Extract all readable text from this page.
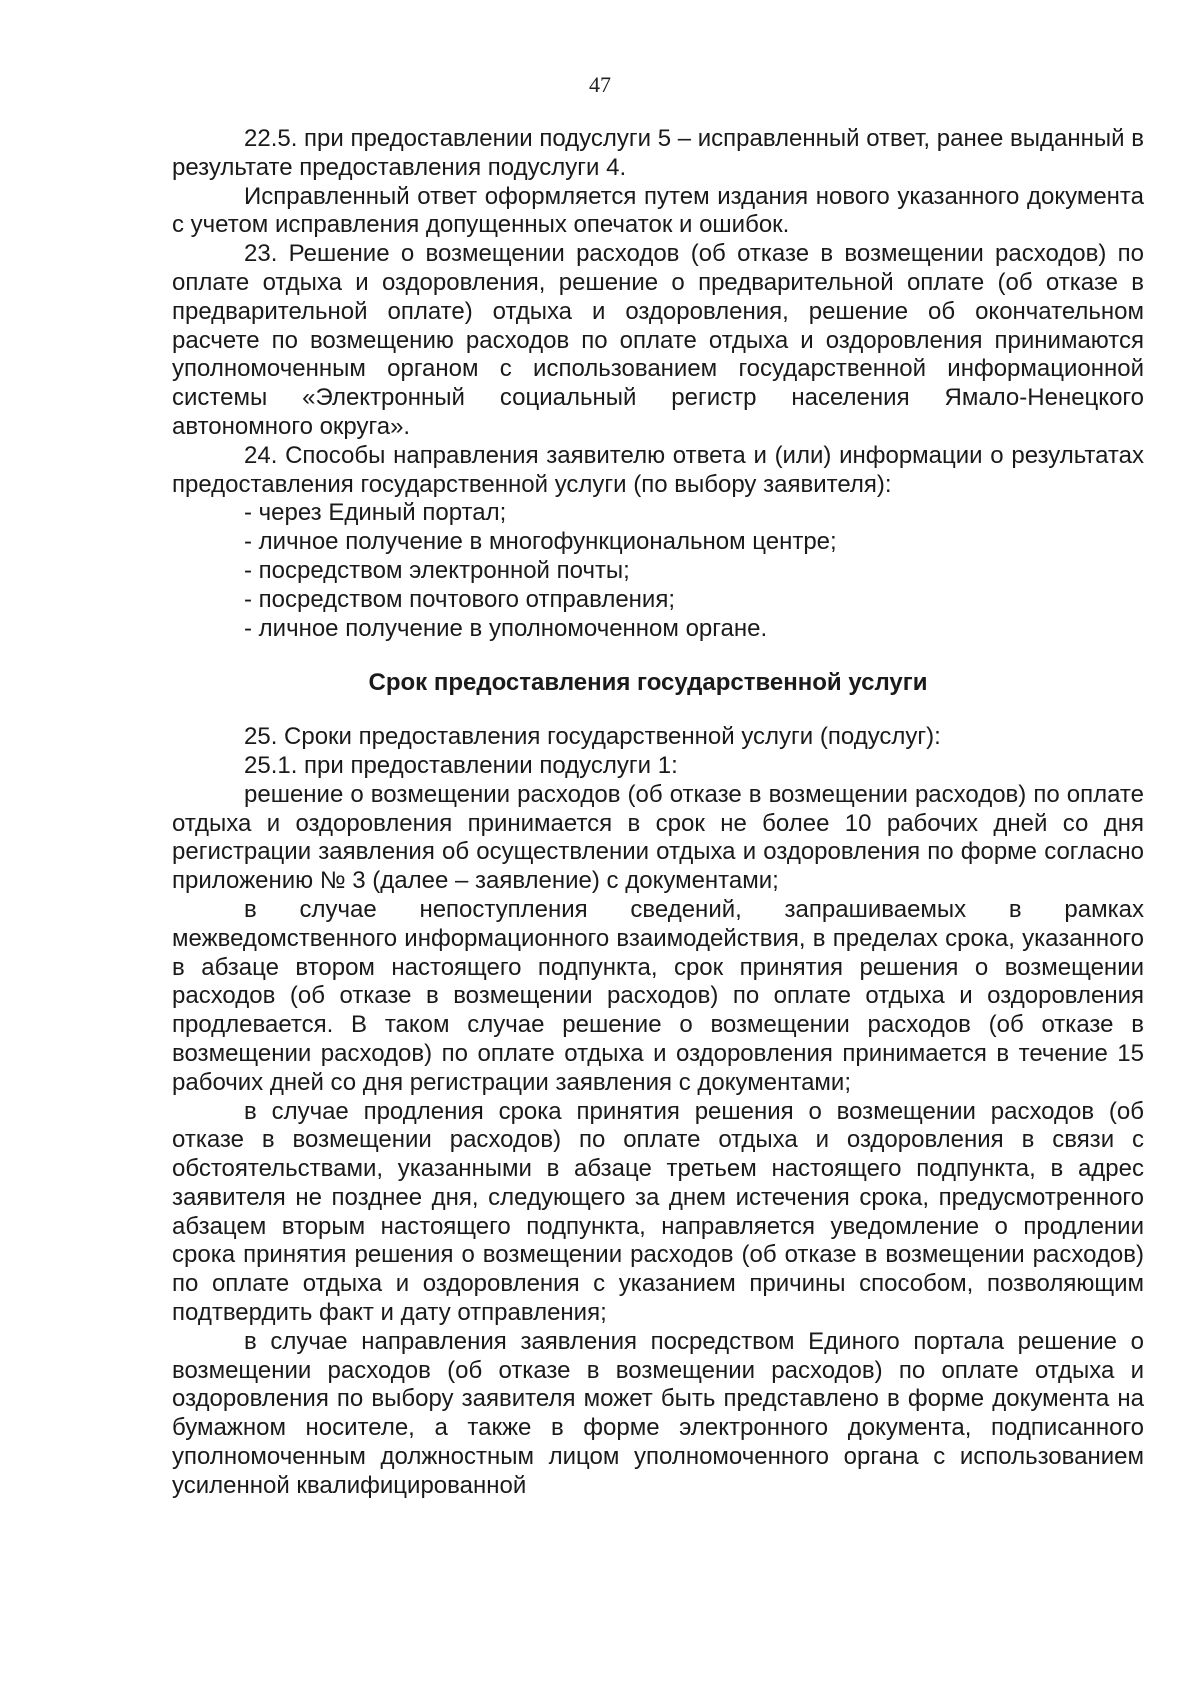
47

22.5. при предоставлении подуслуги 5 – исправленный ответ, ранее выданный в результате предоставления подуслуги 4.

Исправленный ответ оформляется путем издания нового указанного документа с учетом исправления допущенных опечаток и ошибок.

23. Решение о возмещении расходов (об отказе в возмещении расходов) по оплате отдыха и оздоровления, решение о предварительной оплате (об отказе в предварительной оплате) отдыха и оздоровления, решение об окончательном расчете по возмещению расходов по оплате отдыха и оздоровления принимаются уполномоченным органом с использованием государственной информационной системы «Электронный социальный регистр населения Ямало-Ненецкого автономного округа».

24. Способы направления заявителю ответа и (или) информации о результатах предоставления государственной услуги (по выбору заявителя):

- через Единый портал;
- личное получение в многофункциональном центре;
- посредством электронной почты;
- посредством почтового отправления;
- личное получение в уполномоченном органе.

Срок предоставления государственной услуги

25. Сроки предоставления государственной услуги (подуслуг):

25.1. при предоставлении подуслуги 1:

решение о возмещении расходов (об отказе в возмещении расходов) по оплате отдыха и оздоровления принимается в срок не более 10 рабочих дней со дня регистрации заявления об осуществлении отдыха и оздоровления по форме согласно приложению № 3 (далее – заявление) с документами;

в случае непоступления сведений, запрашиваемых в рамках межведомственного информационного взаимодействия, в пределах срока, указанного в абзаце втором настоящего подпункта, срок принятия решения о возмещении расходов (об отказе в возмещении расходов) по оплате отдыха и оздоровления продлевается. В таком случае решение о возмещении расходов (об отказе в возмещении расходов) по оплате отдыха и оздоровления принимается в течение 15 рабочих дней со дня регистрации заявления с документами;

в случае продления срока принятия решения о возмещении расходов (об отказе в возмещении расходов) по оплате отдыха и оздоровления в связи с обстоятельствами, указанными в абзаце третьем настоящего подпункта, в адрес заявителя не позднее дня, следующего за днем истечения срока, предусмотренного абзацем вторым настоящего подпункта, направляется уведомление о продлении срока принятия решения о возмещении расходов (об отказе в возмещении расходов) по оплате отдыха и оздоровления с указанием причины способом, позволяющим подтвердить факт и дату отправления;

в случае направления заявления посредством Единого портала решение о возмещении расходов (об отказе в возмещении расходов) по оплате отдыха и оздоровления по выбору заявителя может быть представлено в форме документа на бумажном носителе, а также в форме электронного документа, подписанного уполномоченным должностным лицом уполномоченного органа с использованием усиленной квалифицированной
